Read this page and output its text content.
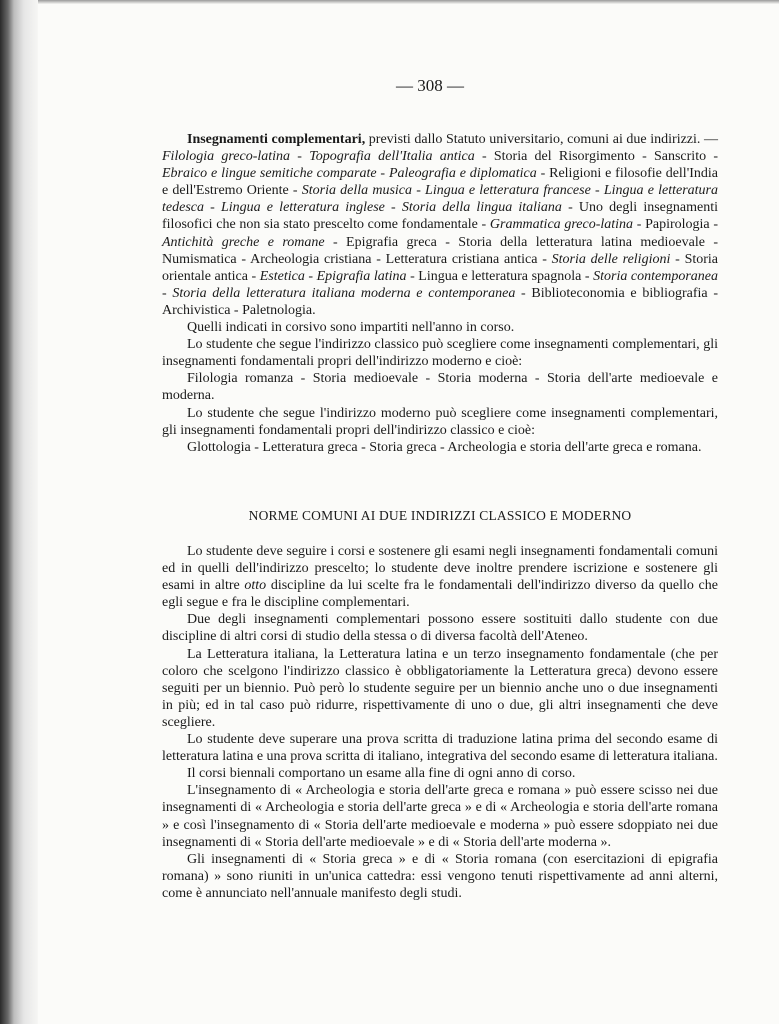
— 308 —

Insegnamenti complementari, previsti dallo Statuto universitario, comuni ai due indirizzi. — Filologia greco-latina - Topografia dell'Italia antica - Storia del Risorgimento - Sanscrito - Ebraico e lingue semitiche comparate - Paleografia e diplomatica - Religioni e filosofie dell'India e dell'Estremo Oriente - Storia della musica - Lingua e letteratura francese - Lingua e letteratura tedesca - Lingua e letteratura inglese - Storia della lingua italiana - Uno degli insegnamenti filosofici che non sia stato prescelto come fondamentale - Grammatica greco-latina - Papirologia - Antichità greche e romane - Epigrafia greca - Storia della letteratura latina medioevale - Numismatica - Archeologia cristiana - Letteratura cristiana antica - Storia delle religioni - Storia orientale antica - Estetica - Epigrafia latina - Lingua e letteratura spagnola - Storia contemporanea - Storia della letteratura italiana moderna e contemporanea - Biblioteconomia e bibliografia - Archivistica - Paletnologia.

Quelli indicati in corsivo sono impartiti nell'anno in corso.

Lo studente che segue l'indirizzo classico può scegliere come insegnamenti complementari, gli insegnamenti fondamentali propri dell'indirizzo moderno e cioè:

Filologia romanza - Storia medioevale - Storia moderna - Storia dell'arte medioevale e moderna.

Lo studente che segue l'indirizzo moderno può scegliere come insegnamenti complementari, gli insegnamenti fondamentali propri dell'indirizzo classico e cioè:

Glottologia - Letteratura greca - Storia greca - Archeologia e storia dell'arte greca e romana.

NORME COMUNI AI DUE INDIRIZZI CLASSICO E MODERNO

Lo studente deve seguire i corsi e sostenere gli esami negli insegnamenti fondamentali comuni ed in quelli dell'indirizzo prescelto; lo studente deve inoltre prendere iscrizione e sostenere gli esami in altre otto discipline da lui scelte fra le fondamentali dell'indirizzo diverso da quello che egli segue e fra le discipline complementari.

Due degli insegnamenti complementari possono essere sostituiti dallo studente con due discipline di altri corsi di studio della stessa o di diversa facoltà dell'Ateneo.

La Letteratura italiana, la Letteratura latina e un terzo insegnamento fondamentale (che per coloro che scelgono l'indirizzo classico è obbligatoriamente la Letteratura greca) devono essere seguiti per un biennio. Può però lo studente seguire per un biennio anche uno o due insegnamenti in più; ed in tal caso può ridurre, rispettivamente di uno o due, gli altri insegnamenti che deve scegliere.

Lo studente deve superare una prova scritta di traduzione latina prima del secondo esame di letteratura latina e una prova scritta di italiano, integrativa del secondo esame di letteratura italiana.

Il corsi biennali comportano un esame alla fine di ogni anno di corso.

L'insegnamento di « Archeologia e storia dell'arte greca e romana » può essere scisso nei due insegnamenti di « Archeologia e storia dell'arte greca » e di « Archeologia e storia dell'arte romana » e così l'insegnamento di « Storia dell'arte medioevale e moderna » può essere sdoppiato nei due insegnamenti di « Storia dell'arte medioevale » e di « Storia dell'arte moderna ».

Gli insegnamenti di « Storia greca » e di « Storia romana (con esercitazioni di epigrafia romana) » sono riuniti in un'unica cattedra: essi vengono tenuti rispettivamente ad anni alterni, come è annunciato nell'annuale manifesto degli studi.
